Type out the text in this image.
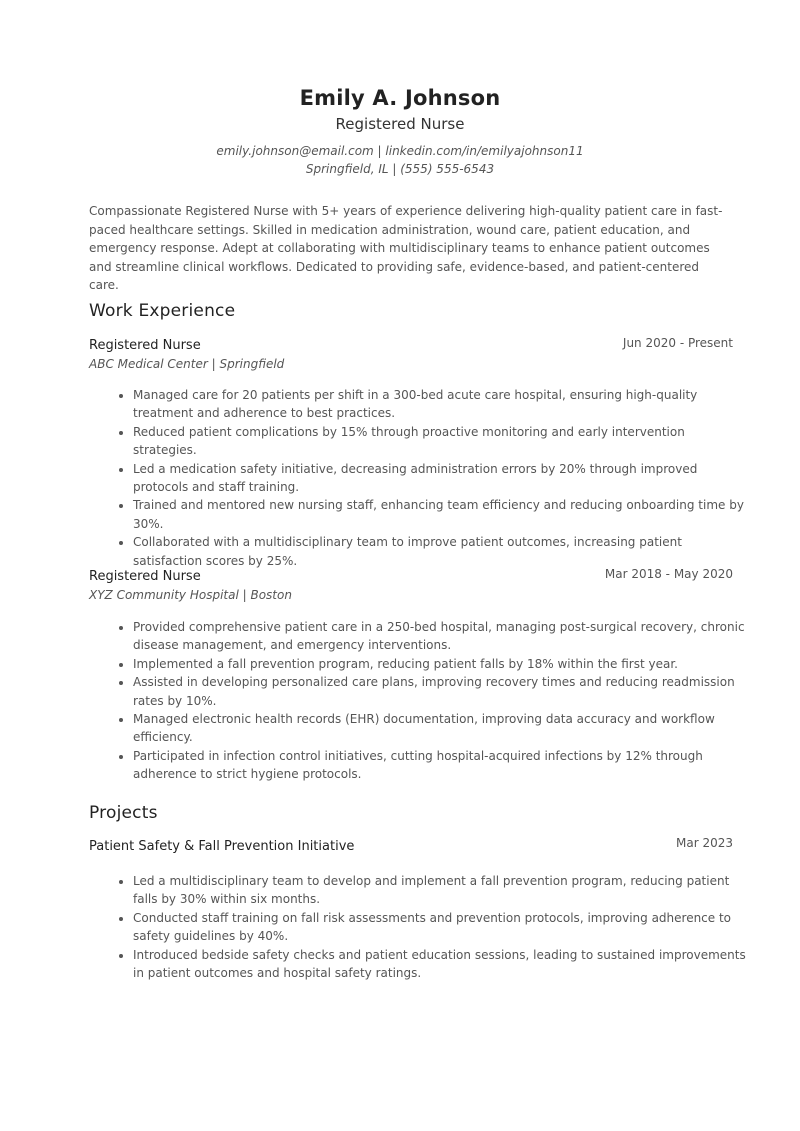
Emily A. Johnson
Registered Nurse
emily.johnson@email.com | linkedin.com/in/emilyajohnson11
Springfield, IL | (555) 555-6543

Compassionate Registered Nurse with 5+ years of experience delivering high-quality patient care in fast-paced healthcare settings. Skilled in medication administration, wound care, patient education, and emergency response. Adept at collaborating with multidisciplinary teams to enhance patient outcomes and streamline clinical workflows. Dedicated to providing safe, evidence-based, and patient-centered care.

Work Experience
Registered Nurse	Jun 2020 - Present
ABC Medical Center | Springfield
• Managed care for 20 patients per shift in a 300-bed acute care hospital, ensuring high-quality treatment and adherence to best practices.
• Reduced patient complications by 15% through proactive monitoring and early intervention strategies.
• Led a medication safety initiative, decreasing administration errors by 20% through improved protocols and staff training.
• Trained and mentored new nursing staff, enhancing team efficiency and reducing onboarding time by 30%.
• Collaborated with a multidisciplinary team to improve patient outcomes, increasing patient satisfaction scores by 25%.
Registered Nurse	Mar 2018 - May 2020
XYZ Community Hospital | Boston
• Provided comprehensive patient care in a 250-bed hospital, managing post-surgical recovery, chronic disease management, and emergency interventions.
• Implemented a fall prevention program, reducing patient falls by 18% within the first year.
• Assisted in developing personalized care plans, improving recovery times and reducing readmission rates by 10%.
• Managed electronic health records (EHR) documentation, improving data accuracy and workflow efficiency.
• Participated in infection control initiatives, cutting hospital-acquired infections by 12% through adherence to strict hygiene protocols.
Projects
Patient Safety & Fall Prevention Initiative	Mar 2023
• Led a multidisciplinary team to develop and implement a fall prevention program, reducing patient falls by 30% within six months.
• Conducted staff training on fall risk assessments and prevention protocols, improving adherence to safety guidelines by 40%.
• Introduced bedside safety checks and patient education sessions, leading to sustained improvements in patient outcomes and hospital safety ratings.
